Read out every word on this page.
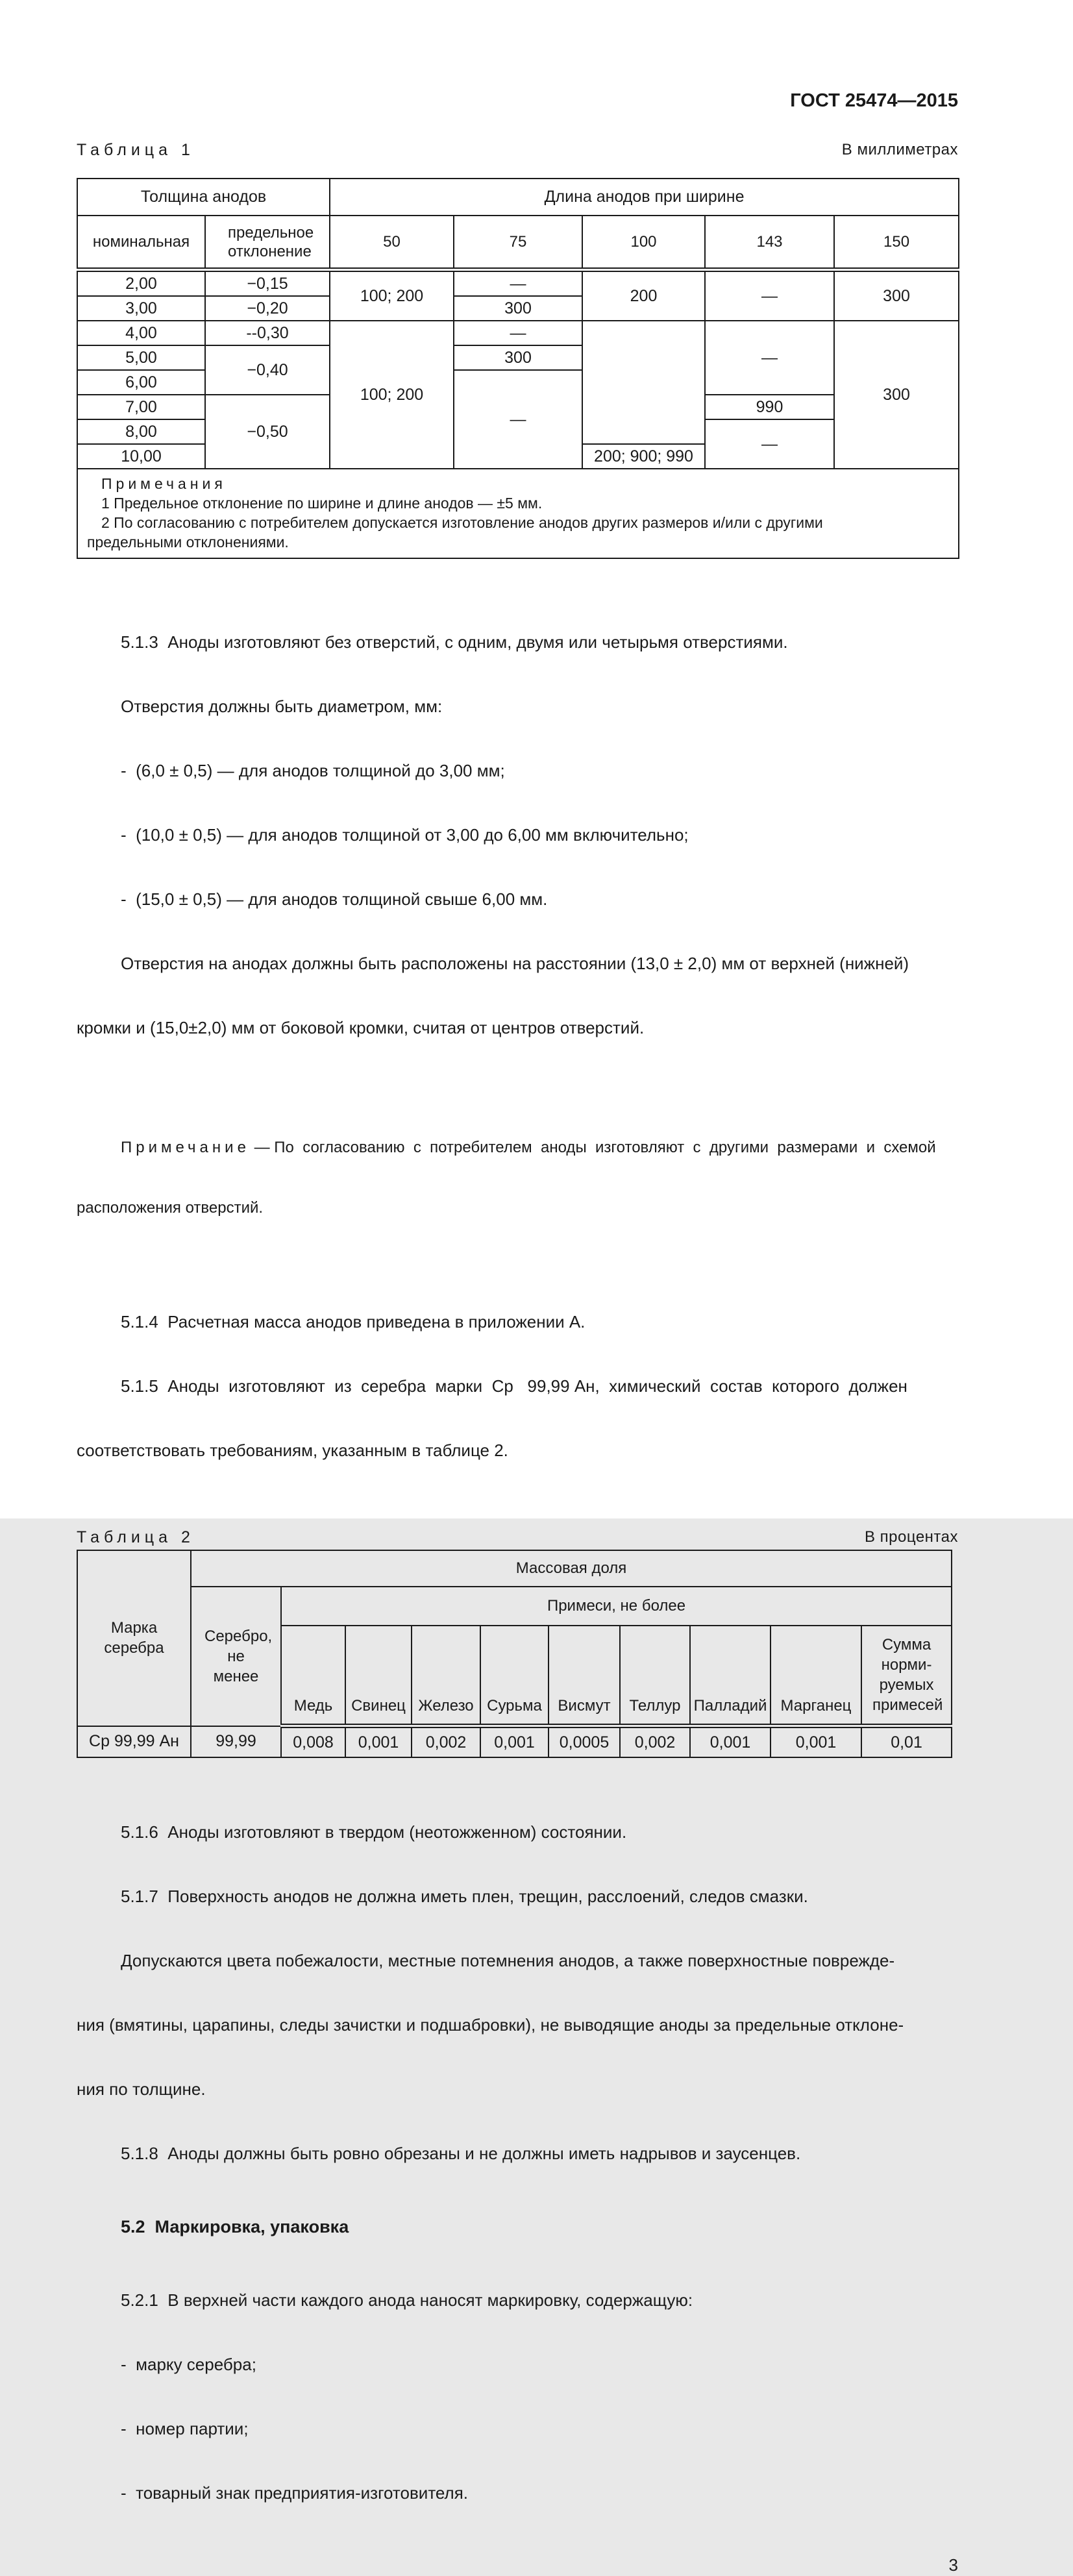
ГОСТ 25474—2015
Таблица 1	В миллиметрах
Толщина анодов		Длина анодов при ширине				
номинальная	предельное отклонение	50	75	100	143	150
2,00	−0,15	100; 200	—	200	—	300
3,00	−0,20		300			
4,00	--0,30	100; 200	—		—	300
5,00	−0,40		300			
6,00			—			
7,00	−0,50				990	
8,00					—	
10,00				200; 900; 990		

Примечания
1 Предельное отклонение по ширине и длине анодов — ±5 мм.
2 По согласованию с потребителем допускается изготовление анодов других размеров и/или с другими
предельными отклонениями.						

5.1.3  Аноды изготовляют без отверстий, с одним, двумя или четырьмя отверстиями.

Отверстия должны быть диаметром, мм:

-  (6,0 ± 0,5) — для анодов толщиной до 3,00 мм;

-  (10,0 ± 0,5) — для анодов толщиной от 3,00 до 6,00 мм включительно;

-  (15,0 ± 0,5) — для анодов толщиной свыше 6,00 мм.

Отверстия на анодах должны быть расположены на расстоянии (13,0 ± 2,0) мм от верхней (нижней)

кромки и (15,0±2,0) мм от боковой кромки, считая от центров отверстий.

Примечание — По  согласованию  с  потребителем  аноды  изготовляют  с  другими  размерами  и  схемой

расположения отверстий.

5.1.4  Расчетная масса анодов приведена в приложении А.

5.1.5  Аноды  изготовляют  из  серебра  марки  Ср   99,99 Ан,  химический  состав  которого  должен

соответствовать требованиям, указанным в таблице 2.

Таблица 2	В процентах
Марка серебра	Массовая доля									
	Серебро, не менее	Примеси, не более								
		Медь	Свинец	Железо	Сурьма	Висмут	Теллур	Палладий	Марганец	Сумма норми-руемых примесей
Ср 99,99 Ан	99,99	0,008	0,001	0,002	0,001	0,0005	0,002	0,001	0,001	0,01

5.1.6  Аноды изготовляют в твердом (неотожженном) состоянии.

5.1.7  Поверхность анодов не должна иметь плен, трещин, расслоений, следов смазки.

Допускаются цвета побежалости, местные потемнения анодов, а также поверхностные поврежде-

ния (вмятины, царапины, следы зачистки и подшабровки), не выводящие аноды за предельные отклоне-

ния по толщине.

5.1.8  Аноды должны быть ровно обрезаны и не должны иметь надрывов и заусенцев.

5.2  Маркировка, упаковка

5.2.1  В верхней части каждого анода наносят маркировку, содержащую:

-  марку серебра;

-  номер партии;

-  товарный знак предприятия-изготовителя.

3
